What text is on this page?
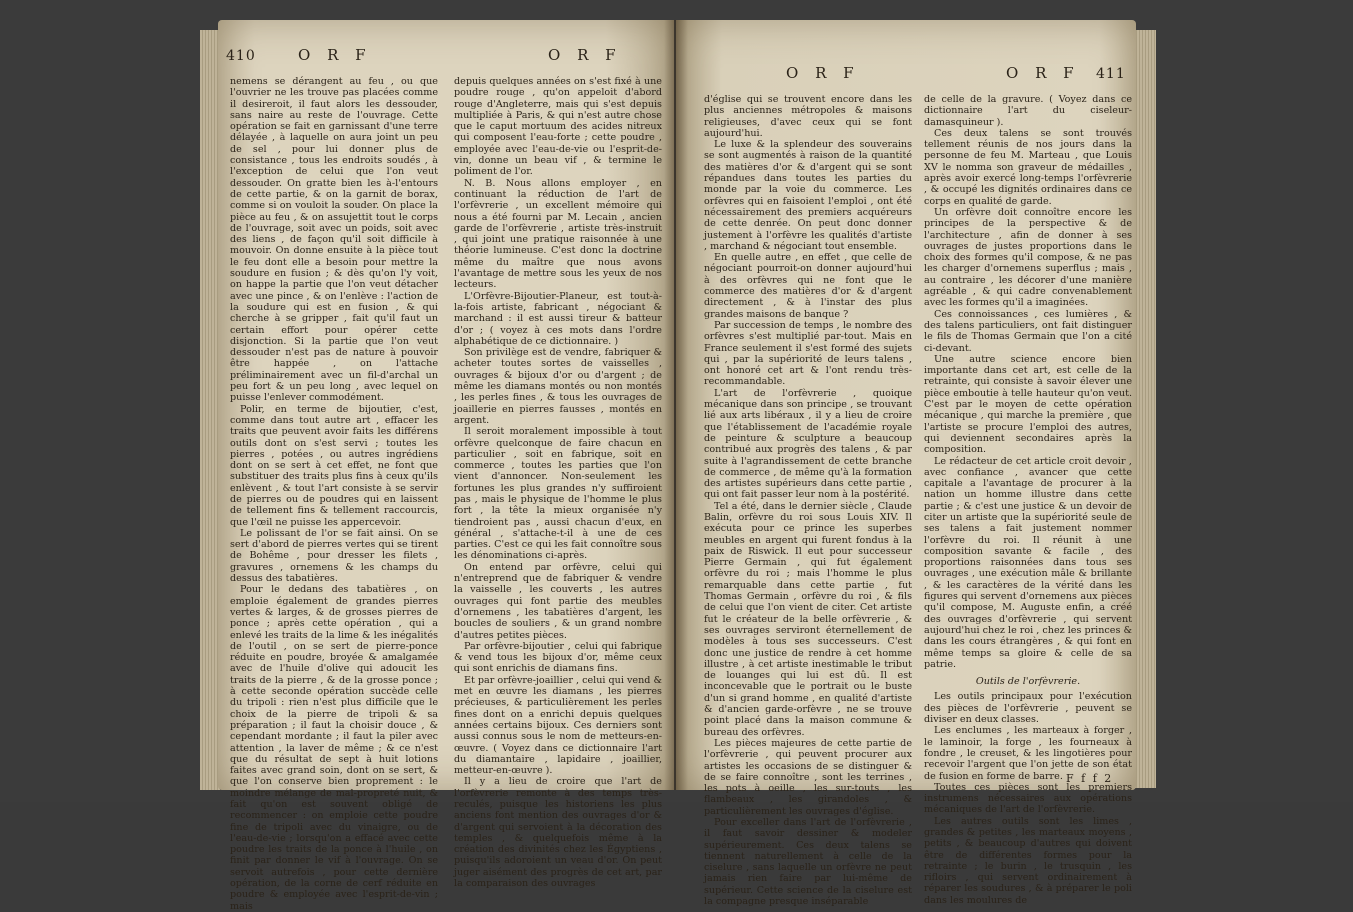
410	O R F	O R F

nemens se dérangent au feu , ou que l'ouvrier ne les trouve pas placées comme il desireroit, il faut alors les dessouder, sans naire au reste de l'ouvrage. Cette opération se fait en garnissant d'une terre délayée , à laquelle on aura joint un peu de sel , pour lui donner plus de consistance , tous les endroits soudés , à l'exception de celui que l'on veut dessouder. On gratte bien les à-l'entours de cette partie, & on la garnit de borax, comme si on vouloit la souder. On place la pièce au feu , & on assujettit tout le corps de l'ouvrage, soit avec un poids, soit avec des liens , de façon qu'il soit difficile à mouvoir. On donne ensuite à la pièce tout le feu dont elle a besoin pour mettre la soudure en fusion ; & dès qu'on l'y voit, on happe la partie que l'on veut détacher avec une pince , & on l'enlève : l'action de la soudure qui est en fusion , & qui cherche à se gripper , fait qu'il faut un certain effort pour opérer cette disjonction. Si la partie que l'on veut dessouder n'est pas de nature à pouvoir être happée , on l'attache préliminairement avec un fil-d'archal un peu fort & un peu long , avec lequel on puisse l'enlever commodément.

Polir, en terme de bijoutier, c'est, comme dans tout autre art , effacer les traits que peuvent avoir faits les différens outils dont on s'est servi ; toutes les pierres , potées , ou autres ingrédiens dont on se sert à cet effet, ne font que substituer des traits plus fins à ceux qu'ils enlèvent , & tout l'art consiste à se servir de pierres ou de poudres qui en laissent de tellement fins & tellement raccourcis, que l'œil ne puisse les appercevoir.

Le polissant de l'or se fait ainsi. On se sert d'abord de pierres vertes qui se tirent de Bohême , pour dresser les filets , gravures , ornemens & les champs du dessus des tabatières.

Pour le dedans des tabatières , on emploie également de grandes pierres vertes & larges, & de grosses pierres de ponce ; après cette opération , qui a enlevé les traits de la lime & les inégalités de l'outil , on se sert de pierre-ponce réduite en poudre, broyée & amalgamée avec de l'huile d'olive qui adoucit les traits de la pierre , & de la grosse ponce ; à cette seconde opération succède celle du tripoli : rien n'est plus difficile que le choix de la pierre de tripoli & sa préparation ; il faut la choisir douce , & cependant mordante ; il faut la piler avec attention , la laver de même ; & ce n'est que du résultat de sept à huit lotions faites avec grand soin, dont on se sert, & que l'on conserve bien proprement : le moindre mélange de mal-propreté nuit, & fait qu'on est souvent obligé de recommencer : on emploie cette poudre fine de tripoli avec du vinaigre, ou de l'eau-de-vie ; lorsqu'on a effacé avec cette poudre les traits de la ponce à l'huile , on finit par donner le vif à l'ouvrage. On se servoit autrefois , pour cette dernière opération, de la corne de cerf réduite en poudre & employée avec l'esprit-de-vin ; mais

depuis quelques années on s'est fixé à une poudre rouge , qu'on appeloit d'abord rouge d'Angleterre, mais qui s'est depuis multipliée à Paris, & qui n'est autre chose que le caput mortuum des acides nitreux qui composent l'eau-forte ; cette poudre , employée avec l'eau-de-vie ou l'esprit-de-vin, donne un beau vif , & termine le poliment de l'or.

N. B. Nous allons employer , en continuant la réduction de l'art de l'orfèvrerie , un excellent mémoire qui nous a été fourni par M. Lecain , ancien garde de l'orfèvrerie , artiste très-instruit , qui joint une pratique raisonnée à une théorie lumineuse. C'est donc la doctrine même du maître que nous avons l'avantage de mettre sous les yeux de nos lecteurs.

L'Orfèvre-Bijoutier-Planeur, est tout-à-la-fois artiste, fabricant , négociant & marchand : il est aussi tireur & batteur d'or ; ( voyez à ces mots dans l'ordre alphabétique de ce dictionnaire. )

Son privilège est de vendre, fabriquer & acheter toutes sortes de vaisselles , ouvrages & bijoux d'or ou d'argent ; de même les diamans montés ou non montés , les perles fines , & tous les ouvrages de joaillerie en pierres fausses , montés en argent.

Il seroit moralement impossible à tout orfèvre quelconque de faire chacun en particulier , soit en fabrique, soit en commerce , toutes les parties que l'on vient d'annoncer. Non-seulement les fortunes les plus grandes n'y suffiroient pas , mais le physique de l'homme le plus fort , la tête la mieux organisée n'y tiendroient pas , aussi chacun d'eux, en général , s'attache-t-il à une de ces parties. C'est ce qui les fait connoître sous les dénominations ci-après.

On entend par orfèvre, celui qui n'entreprend que de fabriquer & vendre la vaisselle , les couverts , les autres ouvrages qui font partie des meubles d'ornemens , les tabatières d'argent, les boucles de souliers , & un grand nombre d'autres petites pièces.

Par orfèvre-bijoutier , celui qui fabrique & vend tous les bijoux d'or, même ceux qui sont enrichis de diamans fins.

Et par orfèvre-joaillier , celui qui vend & met en œuvre les diamans , les pierres précieuses, & particulièrement les perles fines dont on a enrichi depuis quelques années certains bijoux. Ces derniers sont aussi connus sous le nom de metteurs-en-œuvre. ( Voyez dans ce dictionnaire l'art du diamantaire , lapidaire , joaillier, metteur-en-œuvre ).

Il y a lieu de croire que l'art de l'orfèvrerie remonte à des temps très-reculés, puisque les historiens les plus anciens font mention des ouvrages d'or & d'argent qui servoient à la décoration des temples , & quelquefois même à la création des divinités chez les Égyptiens , puisqu'ils adoroient un veau d'or. On peut juger aisément des progrès de cet art, par la comparaison des ouvrages

O R F	O R F 411

d'église qui se trouvent encore dans les plus anciennes métropoles & maisons religieuses, d'avec ceux qui se font aujourd'hui.

Le luxe & la splendeur des souverains se sont augmentés à raison de la quantité des matières d'or & d'argent qui se sont répandues dans toutes les parties du monde par la voie du commerce. Les orfèvres qui en faisoient l'emploi , ont été nécessairement des premiers acquéreurs de cette denrée. On peut donc donner justement à l'orfèvre les qualités d'artiste , marchand & négociant tout ensemble.

En quelle autre , en effet , que celle de négociant pourroit-on donner aujourd'hui à des orfèvres qui ne font que le commerce des matières d'or & d'argent directement , & à l'instar des plus grandes maisons de banque ?

Par succession de temps , le nombre des orfèvres s'est multiplié par-tout. Mais en France seulement il s'est formé des sujets qui , par la supériorité de leurs talens , ont honoré cet art & l'ont rendu très-recommandable.

L'art de l'orfèvrerie , quoique mécanique dans son principe , se trouvant lié aux arts libéraux , il y a lieu de croire que l'établissement de l'académie royale de peinture & sculpture a beaucoup contribué aux progrès des talens , & par suite à l'agrandissement de cette branche de commerce , de même qu'à la formation des artistes supérieurs dans cette partie , qui ont fait passer leur nom à la postérité.

Tel a été, dans le dernier siècle , Claude Balin, orfèvre du roi sous Louis XIV. Il exécuta pour ce prince les superbes meubles en argent qui furent fondus à la paix de Riswick. Il eut pour successeur Pierre Germain , qui fut également orfèvre du roi ; mais l'homme le plus remarquable dans cette partie , fut Thomas Germain , orfèvre du roi , & fils de celui que l'on vient de citer. Cet artiste fut le créateur de la belle orfèvrerie , & ses ouvrages serviront éternellement de modèles à tous ses successeurs. C'est donc une justice de rendre à cet homme illustre , à cet artiste inestimable le tribut de louanges qui lui est dû. Il est inconcevable que le portrait ou le buste d'un si grand homme , en qualité d'artiste & d'ancien garde-orfèvre , ne se trouve point placé dans la maison commune & bureau des orfèvres.

Les pièces majeures de cette partie de l'orfèvrerie , qui peuvent procurer aux artistes les occasions de se distinguer & de se faire connoître , sont les terrines , les pots à oeille , les sur-touts , les flambeaux , les girandoles , & particulièrement les ouvrages d'église.

Pour exceller dans l'art de l'orfèvrerie , il faut savoir dessiner & modeler supérieurement. Ces deux talens se tiennent naturellement à celle de la ciselure , sans laquelle un orfèvre ne peut jamais rien faire par lui-même de supérieur. Cette science de la ciselure est la compagne presque inséparable

de celle de la gravure. ( Voyez dans ce dictionnaire l'art du ciseleur-damasquineur ).

Ces deux talens se sont trouvés tellement réunis de nos jours dans la personne de feu M. Marteau , que Louis XV le nomma son graveur de médailles , après avoir exercé long-temps l'orfèvrerie , & occupé les dignités ordinaires dans ce corps en qualité de garde.

Un orfèvre doit connoître encore les principes de la perspective & de l'architecture , afin de donner à ses ouvrages de justes proportions dans le choix des formes qu'il compose, & ne pas les charger d'ornemens superflus ; mais , au contraire , les décorer d'une manière agréable , & qui cadre convenablement avec les formes qu'il a imaginées.

Ces connoissances , ces lumières , & des talens particuliers, ont fait distinguer le fils de Thomas Germain que l'on a cité ci-devant.

Une autre science encore bien importante dans cet art, est celle de la retrainte, qui consiste à savoir élever une pièce emboutie à telle hauteur qu'on veut. C'est par le moyen de cette opération mécanique , qui marche la première , que l'artiste se procure l'emploi des autres, qui deviennent secondaires après la composition.

Le rédacteur de cet article croit devoir , avec confiance , avancer que cette capitale a l'avantage de procurer à la nation un homme illustre dans cette partie ; & c'est une justice & un devoir de citer un artiste que la supériorité seule de ses talens a fait justement nommer l'orfèvre du roi. Il réunit à une composition savante & facile , des proportions raisonnées dans tous ses ouvrages , une exécution mâle & brillante , & les caractères de la vérité dans les figures qui servent d'ornemens aux pièces qu'il compose, M. Auguste enfin, a créé des ouvrages d'orfèvrerie , qui servent aujourd'hui chez le roi , chez les princes & dans les cours étrangères , & qui font en même temps sa gloire & celle de sa patrie.

Outils de l'orfèvrerie.

Les outils principaux pour l'exécution des pièces de l'orfèvrerie , peuvent se diviser en deux classes.

Les enclumes , les marteaux à forger , le laminoir, la forge , les fourneaux à fondre , le creuset, & les lingotières pour recevoir l'argent que l'on jette de son état de fusion en forme de barre.

Toutes ces pièces sont les premiers instrumens nécessaires aux opérations mécaniques de l'art de l'orfèvrerie.

Les autres outils sont les limes , grandes & petites , les marteaux moyens , petits , & beaucoup d'autres qui doivent être de différentes formes pour la retrainte ; le burin , le trusquin , les rifloirs , qui servent ordinairement à réparer les soudures , & à préparer le poli dans les moulures de

F f f 2
